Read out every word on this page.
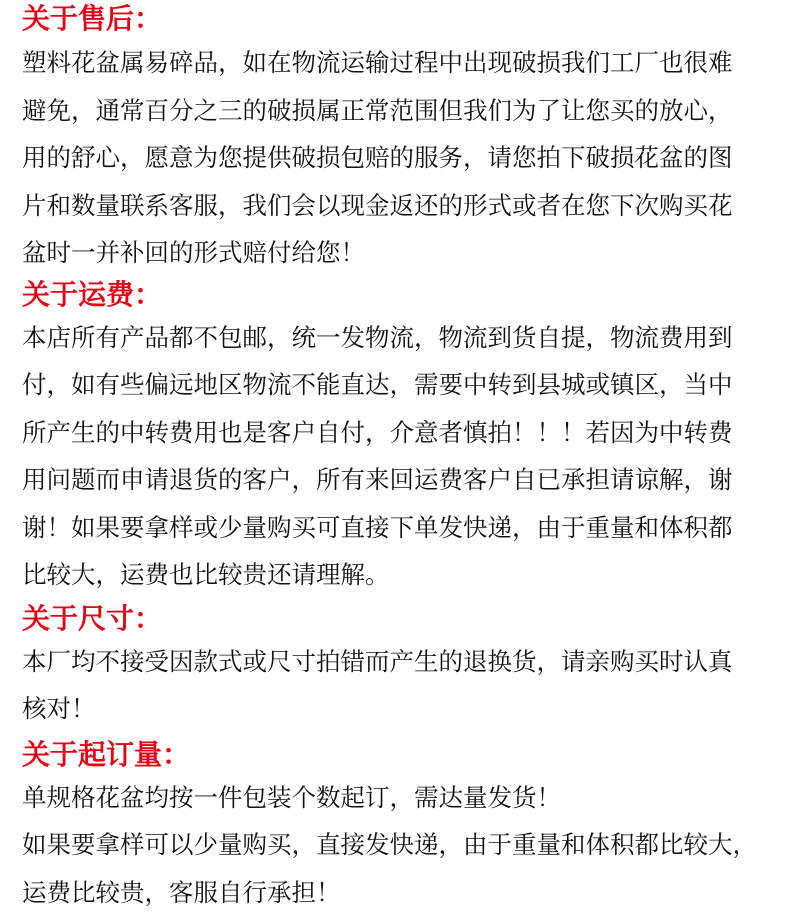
关于售后：

塑料花盆属易碎品，如在物流运输过程中出现破损我们工厂也很难
避免，通常百分之三的破损属正常范围但我们为了让您买的放心，
用的舒心，愿意为您提供破损包赔的服务，请您拍下破损花盆的图
片和数量联系客服，我们会以现金返还的形式或者在您下次购买花
盆时一并补回的形式赔付给您！

关于运费：

本店所有产品都不包邮，统一发物流，物流到货自提，物流费用到
付，如有些偏远地区物流不能直达，需要中转到县城或镇区，当中
所产生的中转费用也是客户自付，介意者慎拍！！！若因为中转费
用问题而申请退货的客户，所有来回运费客户自已承担请谅解，谢
谢！如果要拿样或少量购买可直接下单发快递，由于重量和体积都
比较大，运费也比较贵还请理解。

关于尺寸：

本厂均不接受因款式或尺寸拍错而产生的退换货，请亲购买时认真
核对！

关于起订量：

单规格花盆均按一件包装个数起订，需达量发货！
如果要拿样可以少量购买，直接发快递，由于重量和体积都比较大，
运费比较贵，客服自行承担！
